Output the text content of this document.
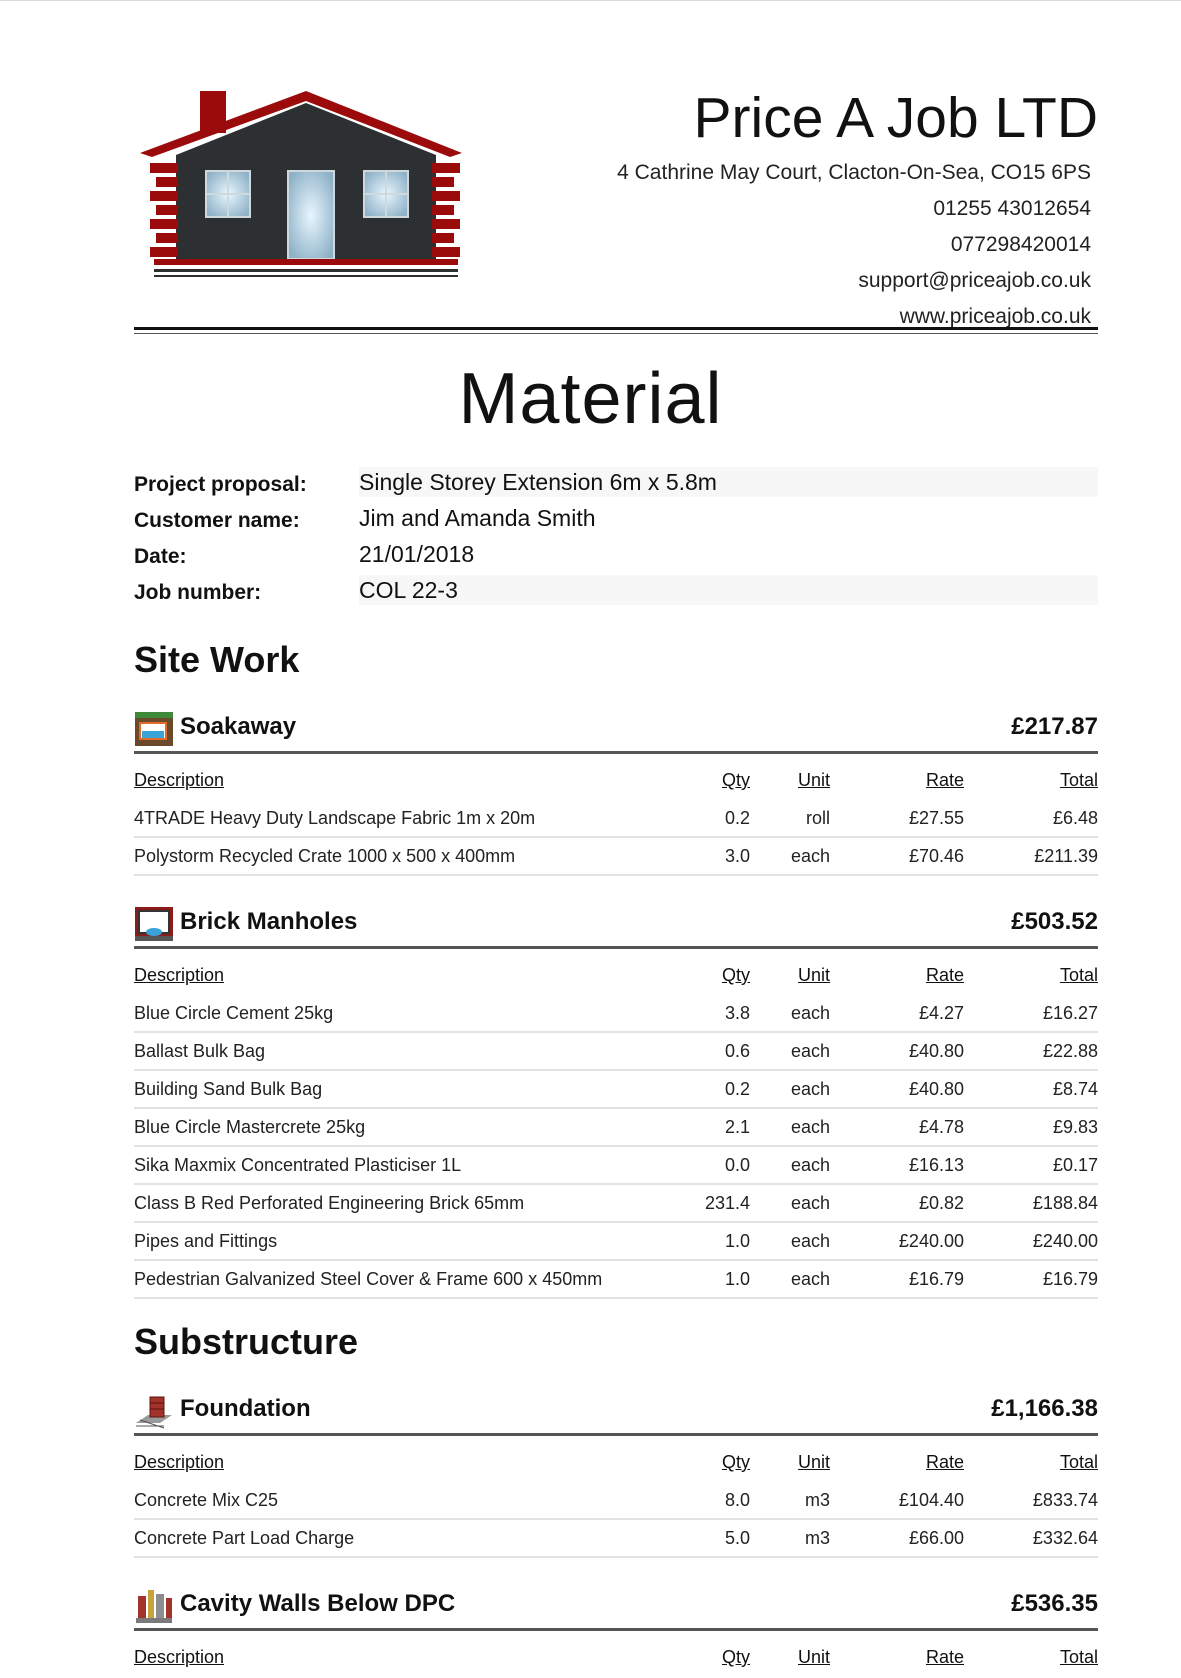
Price A Job LTD
4 Cathrine May Court, Clacton-On-Sea, CO15 6PS
01255 43012654
077298420014
support@priceajob.co.uk
www.priceajob.co.uk
Material
Project proposal: Single Storey Extension 6m x 5.8m
Customer name:	Jim and Amanda Smith
Date:	21/01/2018
Job number:	COL 22-3
Site Work
Soakaway	£217.87
Description	Qty	Unit	Rate	Total
4TRADE Heavy Duty Landscape Fabric 1m x 20m	0.2	roll	£27.55	£6.48
Polystorm Recycled Crate 1000 x 500 x 400mm	3.0	each	£70.46	£211.39
Brick Manholes	£503.52
Description	Qty	Unit	Rate	Total
Blue Circle Cement 25kg	3.8	each	£4.27	£16.27
Ballast Bulk Bag	0.6	each	£40.80	£22.88
Building Sand Bulk Bag	0.2	each	£40.80	£8.74
Blue Circle Mastercrete 25kg	2.1	each	£4.78	£9.83
Sika Maxmix Concentrated Plasticiser 1L	0.0	each	£16.13	£0.17
Class B Red Perforated Engineering Brick 65mm	231.4	each	£0.82	£188.84
Pipes and Fittings	1.0	each	£240.00	£240.00
Pedestrian Galvanized Steel Cover & Frame 600 x 450mm	1.0	each	£16.79	£16.79
Substructure
Foundation	£1,166.38
Description	Qty	Unit	Rate	Total
Concrete Mix C25	8.0	m3	£104.40	£833.74
Concrete Part Load Charge	5.0	m3	£66.00	£332.64
Cavity Walls Below DPC	£536.35
Description	Qty	Unit	Rate	Total
